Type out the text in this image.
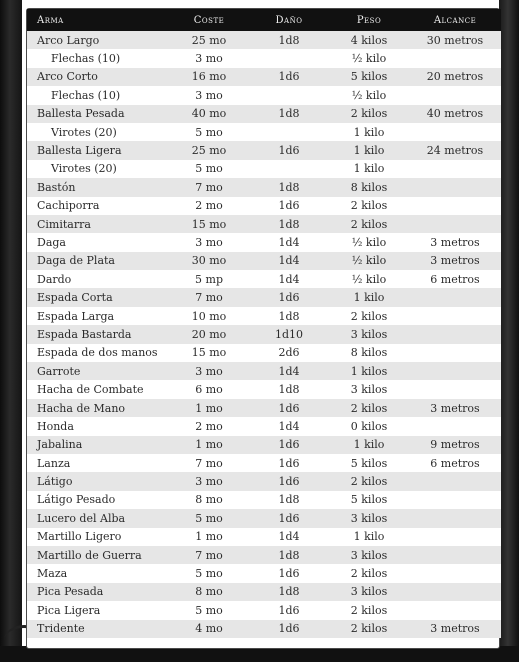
Arma	Coste	Daño	Peso	Alcance
Arco Largo	25 mo	1d8	4 kilos	30 metros
Flechas (10)	3 mo		½ kilo	
Arco Corto	16 mo	1d6	5 kilos	20 metros
Flechas (10)	3 mo		½ kilo	
Ballesta Pesada	40 mo	1d8	2 kilos	40 metros
Virotes (20)	5 mo		1 kilo	
Ballesta Ligera	25 mo	1d6	1 kilo	24 metros
Virotes (20)	5 mo		1 kilo	
Bastón	7 mo	1d8	8 kilos	
Cachiporra	2 mo	1d6	2 kilos	
Cimitarra	15 mo	1d8	2 kilos	
Daga	3 mo	1d4	½ kilo	3 metros
Daga de Plata	30 mo	1d4	½ kilo	3 metros
Dardo	5 mp	1d4	½ kilo	6 metros
Espada Corta	7 mo	1d6	1 kilo	
Espada Larga	10 mo	1d8	2 kilos	
Espada Bastarda	20 mo	1d10	3 kilos	
Espada de dos manos	15 mo	2d6	8 kilos	
Garrote	3 mo	1d4	1 kilos	
Hacha de Combate	6 mo	1d8	3 kilos	
Hacha de Mano	1 mo	1d6	2 kilos	3 metros
Honda	2 mo	1d4	0 kilos	
Jabalina	1 mo	1d6	1 kilo	9 metros
Lanza	7 mo	1d6	5 kilos	6 metros
Látigo	3 mo	1d6	2 kilos	
Látigo Pesado	8 mo	1d8	5 kilos	
Lucero del Alba	5 mo	1d6	3 kilos	
Martillo Ligero	1 mo	1d4	1 kilo	
Martillo de Guerra	7 mo	1d8	3 kilos	
Maza	5 mo	1d6	2 kilos	
Pica Pesada	8 mo	1d8	3 kilos	
Pica Ligera	5 mo	1d6	2 kilos	
Tridente	4 mo	1d6	2 kilos	3 metros
